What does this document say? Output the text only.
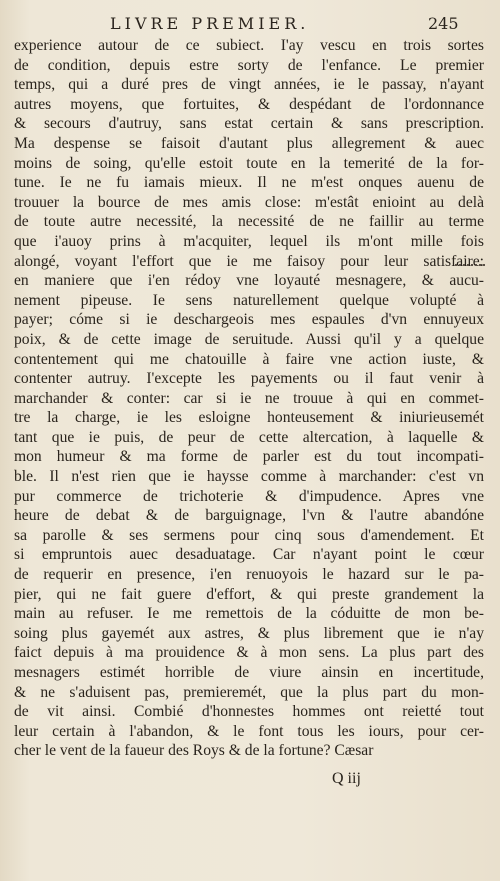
LIVRE PREMIER.	245
experience autour de ce subiect. I'ay vescu en trois sortes
de condition, depuis estre sorty de l'enfance. Le premier
temps, qui a duré pres de vingt années, ie le passay, n'ayant
autres moyens, que fortuites, & despédant de l'ordonnance
& secours d'autruy, sans estat certain & sans prescription.
Ma despense se faisoit d'autant plus allegrement & auec
moins de soing, qu'elle estoit toute en la temerité de la for-
tune. Ie ne fu iamais mieux. Il ne m'est onques auenu de
trouuer la bource de mes amis close: m'estât enioint au delà
de toute autre necessité, la necessité de ne faillir au terme
que i'auoy prins à m'acquiter, lequel ils m'ont mille fois
alongé, voyant l'effort que ie me faisoy pour leur satisfaire:
en maniere que i'en rédoy vne loyauté mesnagere, & aucu-
nement pipeuse. Ie sens naturellement quelque volupté à
payer; cóme si ie deschargeois mes espaules d'vn ennuyeux
poix, & de cette image de seruitude. Aussi qu'il y a quelque
contentement qui me chatouille à faire vne action iuste, &
contenter autruy. I'excepte les payements ou il faut venir à
marchander & conter: car si ie ne trouue à qui en commet-
tre la charge, ie les esloigne honteusement & iniurieusemét
tant que ie puis, de peur de cette altercation, à laquelle &
mon humeur & ma forme de parler est du tout incompati-
ble. Il n'est rien que ie haysse comme à marchander: c'est vn
pur commerce de trichoterie & d'impudence. Apres vne
heure de debat & de barguignage, l'vn & l'autre abandóne
sa parolle & ses sermens pour cinq sous d'amendement. Et
si empruntois auec desaduatage. Car n'ayant point le cœur
de requerir en presence, i'en renuoyois le hazard sur le pa-
pier, qui ne fait guere d'effort, & qui preste grandement la
main au refuser. Ie me remettois de la códuitte de mon be-
soing plus gayemét aux astres, & plus librement que ie n'ay
faict depuis à ma prouidence & à mon sens. La plus part des
mesnagers estimét horrible de viure ainsin en incertitude,
& ne s'aduisent pas, premieremét, que la plus part du mon-
de vit ainsi. Combié d'honnestes hommes ont reietté tout
leur certain à l'abandon, & le font tous les iours, pour cer-
cher le vent de la faueur des Roys & de la fortune? Cæsar
Q iij
